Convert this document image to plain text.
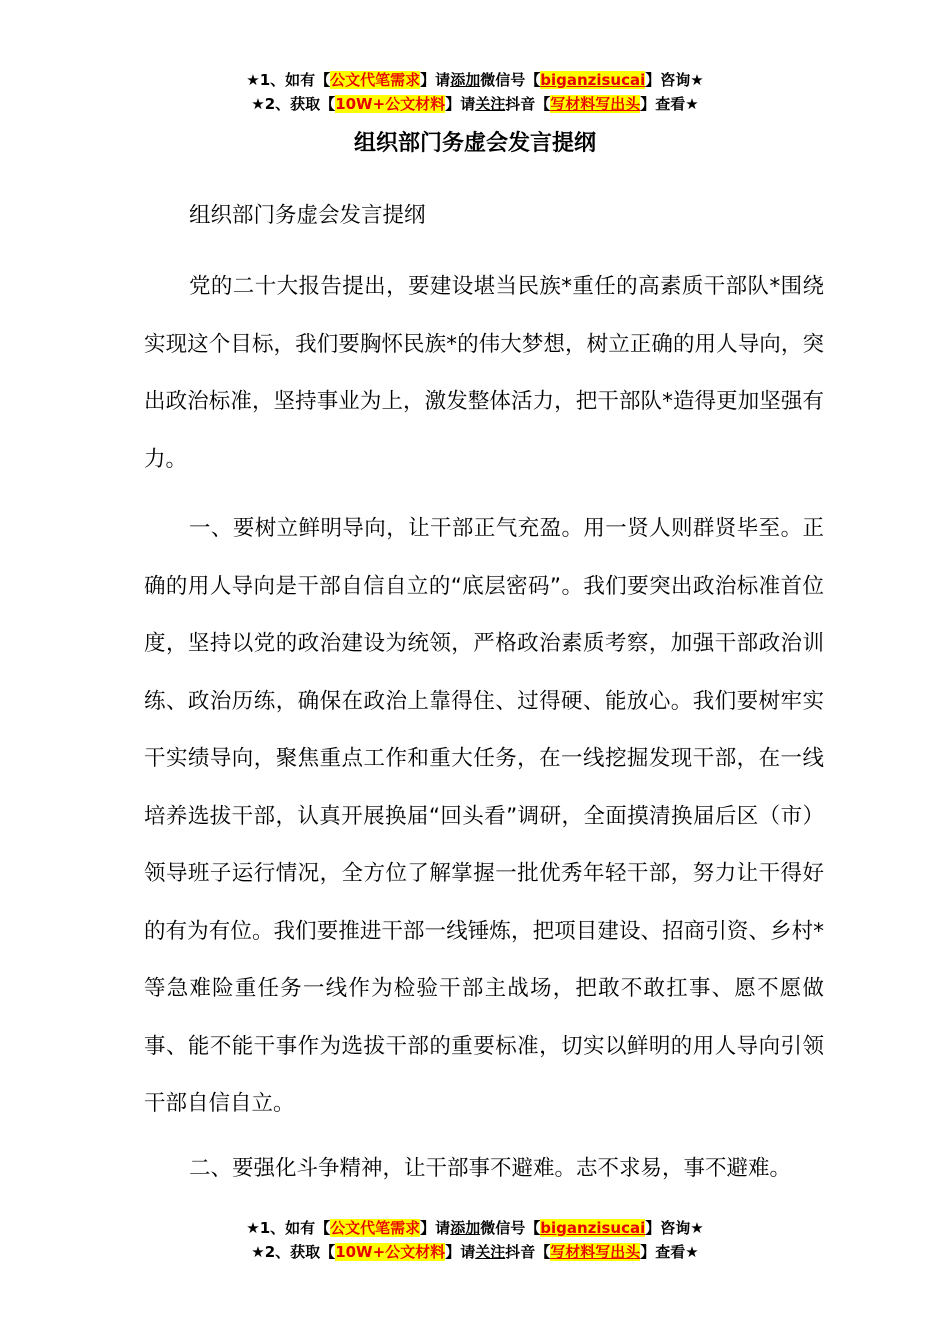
★1、如有【公文代笔需求】请添加微信号【biganzisucai】咨询★
★2、获取【10W+公文材料】请关注抖音【写材料写出头】查看★
组织部门务虚会发言提纲
组织部门务虚会发言提纲

党的二十大报告提出，要建设堪当民族*重任的高素质干部队*围绕实现这个目标，我们要胸怀民族*的伟大梦想，树立正确的用人导向，突出政治标准，坚持事业为上，激发整体活力，把干部队*造得更加坚强有力。

一、要树立鲜明导向，让干部正气充盈。用一贤人则群贤毕至。正确的用人导向是干部自信自立的“底层密码”。我们要突出政治标准首位度，坚持以党的政治建设为统领，严格政治素质考察，加强干部政治训练、政治历练，确保在政治上靠得住、过得硬、能放心。我们要树牢实干实绩导向，聚焦重点工作和重大任务，在一线挖掘发现干部，在一线培养选拔干部，认真开展换届“回头看”调研，全面摸清换届后区（市）领导班子运行情况，全方位了解掌握一批优秀年轻干部，努力让干得好的有为有位。我们要推进干部一线锤炼，把项目建设、招商引资、乡村*等急难险重任务一线作为检验干部主战场，把敢不敢扛事、愿不愿做事、能不能干事作为选拔干部的重要标准，切实以鲜明的用人导向引领干部自信自立。

二、要强化斗争精神，让干部事不避难。志不求易，事不避难。

★1、如有【公文代笔需求】请添加微信号【biganzisucai】咨询★
★2、获取【10W+公文材料】请关注抖音【写材料写出头】查看★
